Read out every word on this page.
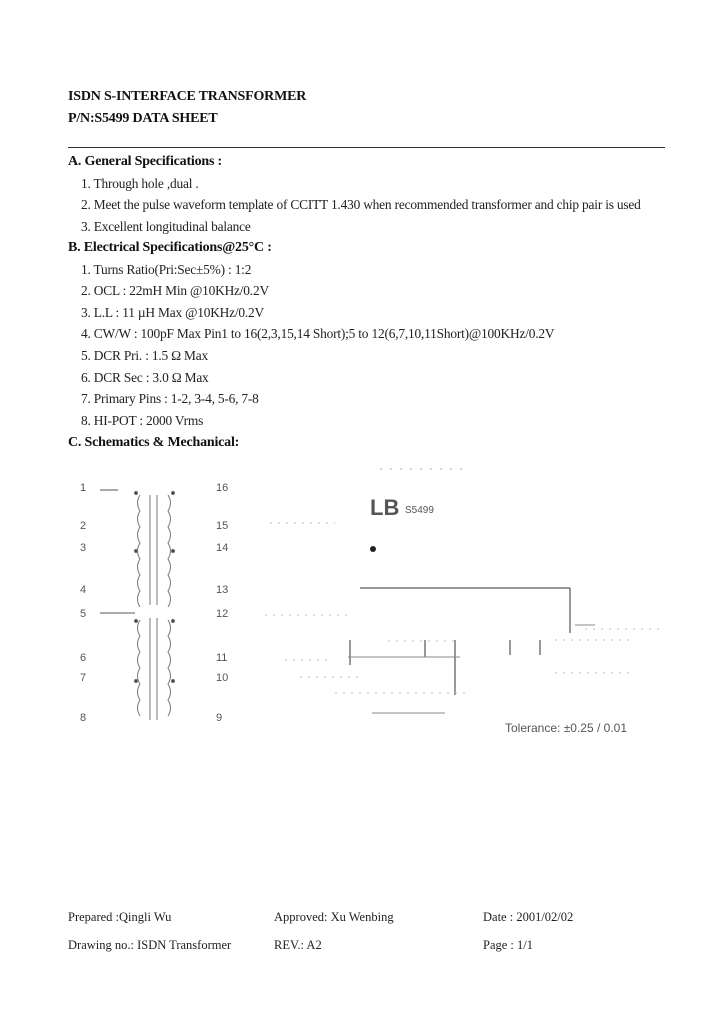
ISDN S-INTERFACE TRANSFORMER
P/N:S5499 DATA SHEET
A. General Specifications :
1. Through hole ,dual .
2. Meet the pulse waveform template of CCITT 1.430 when recommended transformer and chip pair is used
3. Excellent longitudinal balance
B. Electrical Specifications@25°C :
1. Turns Ratio(Pri:Sec±5%) : 1:2
2. OCL : 22mH Min @10KHz/0.2V
3. L.L : 11 µH Max @10KHz/0.2V
4. CW/W : 100pF Max Pin1 to 16(2,3,15,14 Short);5 to 12(6,7,10,11Short)@100KHz/0.2V
5. DCR Pri. : 1.5 Ω Max
6. DCR Sec : 3.0 Ω Max
7. Primary Pins : 1-2, 3-4, 5-6, 7-8
8. HI-POT : 2000 Vrms
C. Schematics & Mechanical:
1
2
3
4
5
6
7
8
16
15
14
13
12
11
10
9
LB S5499
Tolerance: ±0.25 / 0.01
Prepared :Qingli Wu	Approved: Xu Wenbing	Date : 2001/02/02
Drawing no.: ISDN Transformer	REV.: A2	Page : 1/1
